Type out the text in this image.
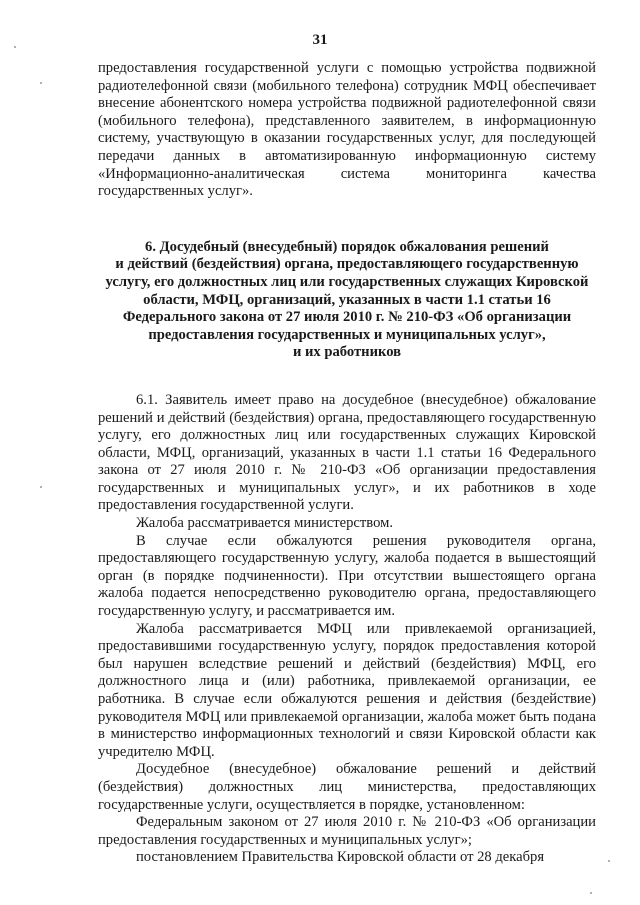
31

предоставления государственной услуги с помощью устройства подвижной радиотелефонной связи (мобильного телефона) сотрудник МФЦ обеспечивает внесение абонентского номера устройства подвижной радиотелефонной связи (мобильного телефона), представленного заявителем, в информационную систему, участвующую в оказании государственных услуг, для последующей передачи данных в автоматизированную информационную систему «Информационно-аналитическая система мониторинга качества государственных услуг».

6. Досудебный (внесудебный) порядок обжалования решений
и действий (бездействия) органа, предоставляющего государственную
услугу, его должностных лиц или государственных служащих Кировской
области, МФЦ, организаций, указанных в части 1.1 статьи 16
Федерального закона от 27 июля 2010 г. № 210-ФЗ «Об организации
предоставления государственных и муниципальных услуг»,
и их работников

6.1. Заявитель имеет право на досудебное (внесудебное) обжалование решений и действий (бездействия) органа, предоставляющего государственную услугу, его должностных лиц или государственных служащих Кировской области, МФЦ, организаций, указанных в части 1.1 статьи 16 Федерального закона от 27 июля 2010 г. № 210-ФЗ «Об организации предоставления государственных и муниципальных услуг», и их работников в ходе предоставления государственной услуги.

Жалоба рассматривается министерством.

В случае если обжалуются решения руководителя органа, предоставляющего государственную услугу, жалоба подается в вышестоящий орган (в порядке подчиненности). При отсутствии вышестоящего органа жалоба подается непосредственно руководителю органа, предоставляющего государственную услугу, и рассматривается им.

Жалоба рассматривается МФЦ или привлекаемой организацией, предоставившими государственную услугу, порядок предоставления которой был нарушен вследствие решений и действий (бездействия) МФЦ, его должностного лица и (или) работника, привлекаемой организации, ее работника. В случае если обжалуются решения и действия (бездействие) руководителя МФЦ или привлекаемой организации, жалоба может быть подана в министерство информационных технологий и связи Кировской области как учредителю МФЦ.

Досудебное (внесудебное) обжалование решений и действий (бездействия) должностных лиц министерства, предоставляющих государственные услуги, осуществляется в порядке, установленном:

Федеральным законом от 27 июля 2010 г. № 210-ФЗ «Об организации предоставления государственных и муниципальных услуг»;

постановлением Правительства Кировской области от 28 декабря
